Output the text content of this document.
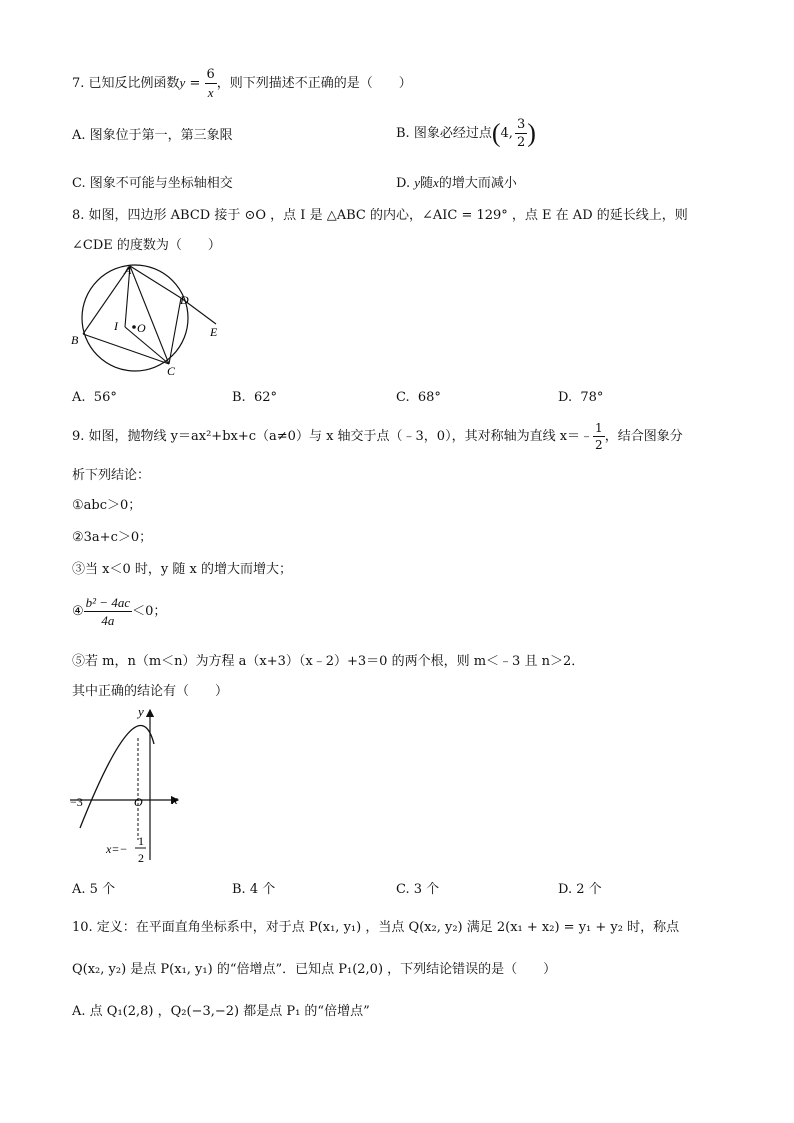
7. 已知反比例函数$y = \frac{6}{x}$ ，则下列描述不正确的是（　　）
A. 图象位于第一，第三象限	B. 图象必经过点(4, $\frac{3}{2}$ )
C. 图象不可能与坐标轴相交	D. y随x的增大而减小
8. 如图，四边形 ABCD 接于 ⊙O ，点 I 是 △ABC 的内心，∠AIC = 129° ，点 E 在 AD 的延长线上，则
∠CDE 的度数为（　　）
A
D
E
B
C
I O
A. 56°	B. 62°	C. 68°	D. 78°
9. 如图，抛物线 y＝ax²+bx+c（a≠0）与 x 轴交于点（﹣3，0），其对称轴为直线 x＝﹣ $\frac{1}{2}$ ，结合图象分
析下列结论：
①abc＞0；
②3a+c＞0；
③当 x＜0 时，y 随 x 的增大而增大；
④ $\frac{\text{b² − 4ac}}{4a} <0$；
⑤若 m，n（m＜n）为方程 a（x+3）（x﹣2）+3＝0 的两个根，则 m＜﹣3 且 n＞2．
其中正确的结论有（　　）
y
x
O
−3
x=−
1
2
A. 5 个	B. 4 个	C. 3 个	D. 2 个
10. 定义：在平面直角坐标系中，对于点 P(x₁, y₁) ，当点 Q(x₂, y₂) 满足 2(x₁ + x₂) = y₁ + y₂ 时，称点
Q(x₂, y₂) 是点 P(x₁, y₁) 的“倍增点”．已知点 P₁(2,0) ，下列结论错误的是（　　）
A. 点 Q₁(2,8) ，Q₂(−3,−2) 都是点 P₁ 的“倍增点”
